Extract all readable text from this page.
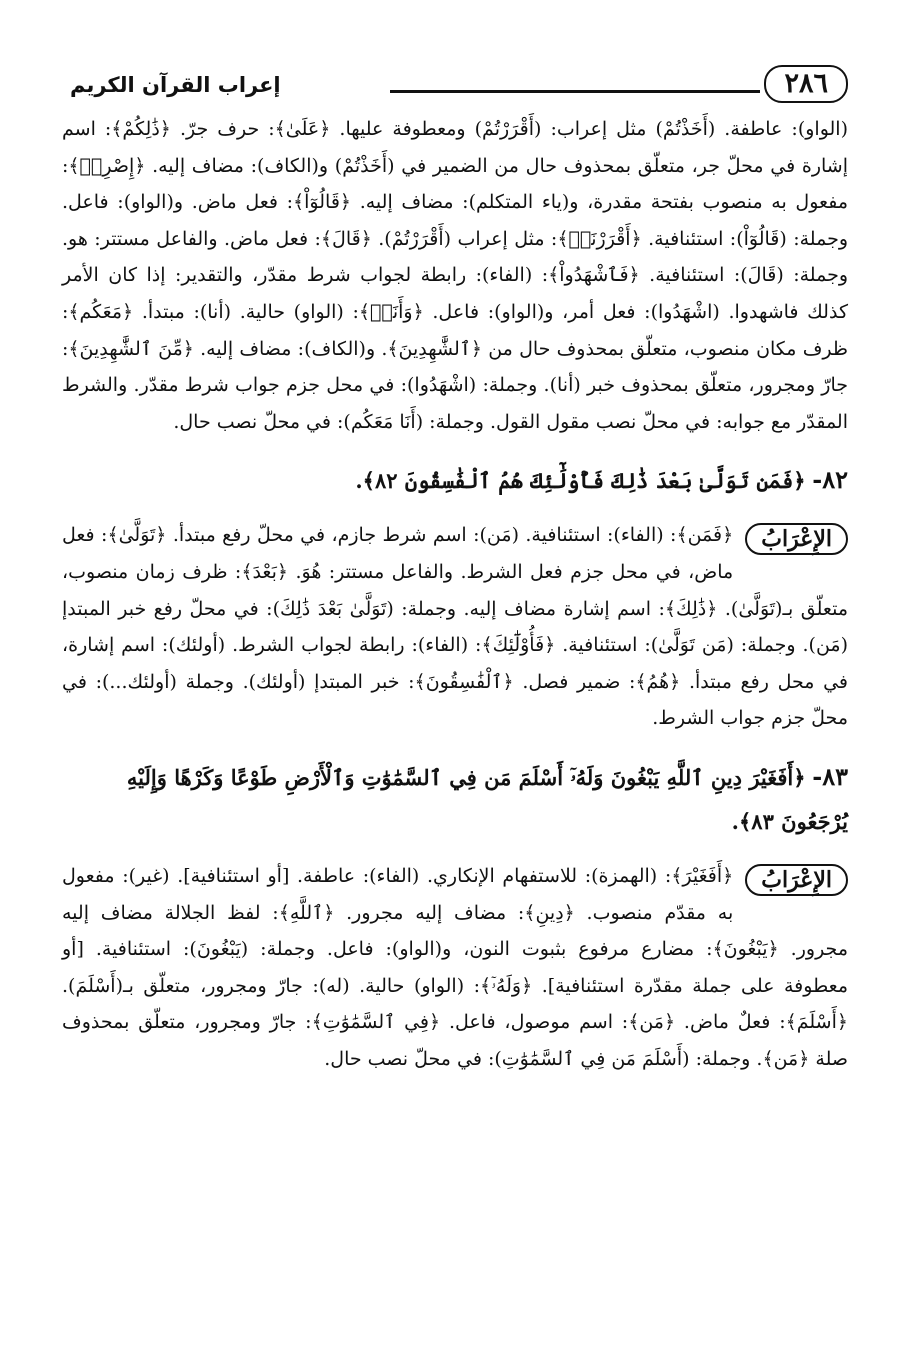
٢٨٦
إعراب القرآن الكريم

(الواو): عاطفة. (أَخَذْتُمْ) مثل إعراب: (أَقْرَرْتُمْ) ومعطوفة عليها. ﴿عَلَىٰ﴾: حرف جرّ. ﴿ذَٰلِكُمْ﴾: اسم إشارة في محلّ جر، متعلّق بمحذوف حال من الضمير في (أَخَذْتُمْ) و(الكاف): مضاف إليه. ﴿إِصْرِيۖ﴾: مفعول به منصوب بفتحة مقدرة، و(ياء المتكلم): مضاف إليه. ﴿قَالُوٓاْ﴾: فعل ماض. و(الواو): فاعل. وجملة: (قَالُوٓاْ): استئنافية. ﴿أَقْرَرْنَاۚ﴾: مثل إعراب (أَقْرَرْتُمْ). ﴿قَالَ﴾: فعل ماض. والفاعل مستتر: هو. وجملة: (قَالَ): استئنافية. ﴿فَٱشْهَدُواْ﴾: (الفاء): رابطة لجواب شرط مقدّر، والتقدير: إذا كان الأمر كذلك فاشهدوا. (اشْهَدُوا): فعل أمر، و(الواو): فاعل. ﴿وَأَنَا۠﴾: (الواو) حالية. (أنا): مبتدأ. ﴿مَعَكُم﴾: ظرف مكان منصوب، متعلّق بمحذوف حال من ﴿ٱلشَّٰهِدِينَ﴾. و(الكاف): مضاف إليه. ﴿مِّنَ ٱلشَّٰهِدِينَ﴾: جارّ ومجرور، متعلّق بمحذوف خبر (أنا). وجملة: (اشْهَدُوا): في محل جزم جواب شرط مقدّر. والشرط المقدّر مع جوابه: في محلّ نصب مقول القول. وجملة: (أَنَا مَعَكُم): في محلّ نصب حال.

٨٢- ﴿فَمَن تَوَلَّىٰ بَعْدَ ذَٰلِكَ فَأُوْلَٰٓئِكَ هُمُ ٱلْفَٰسِقُونَ ٨٢﴾.

الإِعْرَابُ

﴿فَمَن﴾: (الفاء): استئنافية. (مَن): اسم شرط جازم، في محلّ رفع مبتدأ. ﴿تَوَلَّىٰ﴾: فعل ماض، في محل جزم فعل الشرط. والفاعل مستتر: هُوَ. ﴿بَعْدَ﴾: ظرف زمان منصوب، متعلّق بـ(تَوَلَّىٰ). ﴿ذَٰلِكَ﴾: اسم إشارة مضاف إليه. وجملة: (تَوَلَّىٰ بَعْدَ ذَٰلِكَ): في محلّ رفع خبر المبتدإ (مَن). وجملة: (مَن تَوَلَّىٰ): استئنافية. ﴿فَأُوْلَٰٓئِكَ﴾: (الفاء): رابطة لجواب الشرط. (أولئك): اسم إشارة، في محل رفع مبتدأ. ﴿هُمُ﴾: ضمير فصل. ﴿ٱلْفَٰسِقُونَ﴾: خبر المبتدإ (أولئك). وجملة (أولئك...): في محلّ جزم جواب الشرط.

٨٣- ﴿أَفَغَيْرَ دِينِ ٱللَّهِ يَبْغُونَ وَلَهُۥٓ أَسْلَمَ مَن فِي ٱلسَّمَٰوَٰتِ وَٱلْأَرْضِ طَوْعًا وَكَرْهًا وَإِلَيْهِ يُرْجَعُونَ ٨٣﴾.

الإِعْرَابُ

﴿أَفَغَيْرَ﴾: (الهمزة): للاستفهام الإنكاري. (الفاء): عاطفة. [أو استئنافية]. (غير): مفعول به مقدّم منصوب. ﴿دِينِ﴾: مضاف إليه مجرور. ﴿ٱللَّهِ﴾: لفظ الجلالة مضاف إليه مجرور. ﴿يَبْغُونَ﴾: مضارع مرفوع بثبوت النون، و(الواو): فاعل. وجملة: (يَبْغُونَ): استئنافية. [أو معطوفة على جملة مقدّرة استئنافية]. ﴿وَلَهُۥٓ﴾: (الواو) حالية. (له): جارّ ومجرور، متعلّق بـ(أَسْلَمَ). ﴿أَسْلَمَ﴾: فعلٌ ماض. ﴿مَن﴾: اسم موصول، فاعل. ﴿فِي ٱلسَّمَٰوَٰتِ﴾: جارّ ومجرور، متعلّق بمحذوف صلة ﴿مَن﴾. وجملة: (أَسْلَمَ مَن فِي ٱلسَّمَٰوَٰتِ): في محلّ نصب حال.
